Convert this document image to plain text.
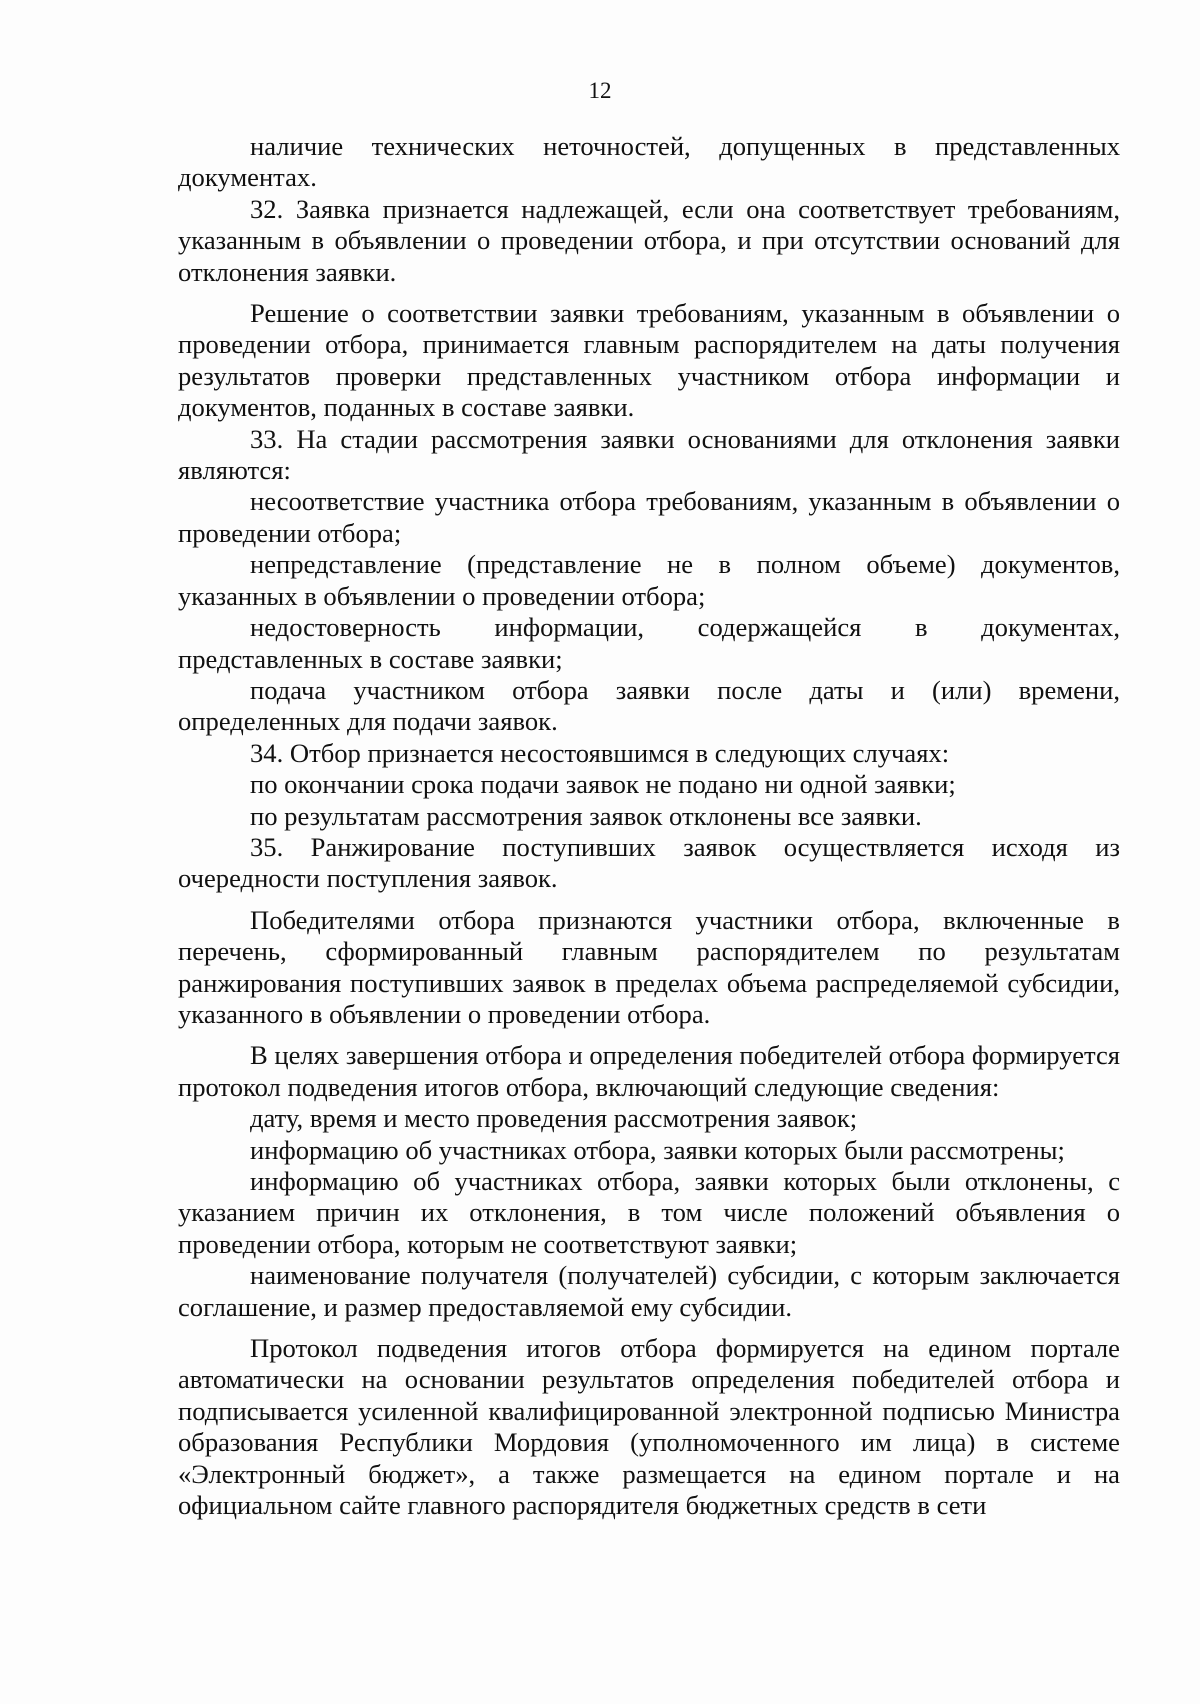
12

наличие технических неточностей, допущенных в представленных документах.

32. Заявка признается надлежащей, если она соответствует требованиям, указанным в объявлении о проведении отбора, и при отсутствии оснований для отклонения заявки.

Решение о соответствии заявки требованиям, указанным в объявлении о проведении отбора, принимается главным распорядителем на даты получения результатов проверки представленных участником отбора информации и документов, поданных в составе заявки.

33. На стадии рассмотрения заявки основаниями для отклонения заявки являются:

несоответствие участника отбора требованиям, указанным в объявлении о проведении отбора;

непредставление (представление не в полном объеме) документов, указанных в объявлении о проведении отбора;

недостоверность информации, содержащейся в документах, представленных в составе заявки;

подача участником отбора заявки после даты и (или) времени, определенных для подачи заявок.

34. Отбор признается несостоявшимся в следующих случаях:

по окончании срока подачи заявок не подано ни одной заявки;

по результатам рассмотрения заявок отклонены все заявки.

35. Ранжирование поступивших заявок осуществляется исходя из очередности поступления заявок.

Победителями отбора признаются участники отбора, включенные в перечень, сформированный главным распорядителем по результатам ранжирования поступивших заявок в пределах объема распределяемой субсидии, указанного в объявлении о проведении отбора.

В целях завершения отбора и определения победителей отбора формируется протокол подведения итогов отбора, включающий следующие сведения:

дату, время и место проведения рассмотрения заявок;

информацию об участниках отбора, заявки которых были рассмотрены;

информацию об участниках отбора, заявки которых были отклонены, с указанием причин их отклонения, в том числе положений объявления о проведении отбора, которым не соответствуют заявки;

наименование получателя (получателей) субсидии, с которым заключается соглашение, и размер предоставляемой ему субсидии.

Протокол подведения итогов отбора формируется на едином портале автоматически на основании результатов определения победителей отбора и подписывается усиленной квалифицированной электронной подписью Министра образования Республики Мордовия (уполномоченного им лица) в системе «Электронный бюджет», а также размещается на едином портале и на официальном сайте главного распорядителя бюджетных средств в сети
